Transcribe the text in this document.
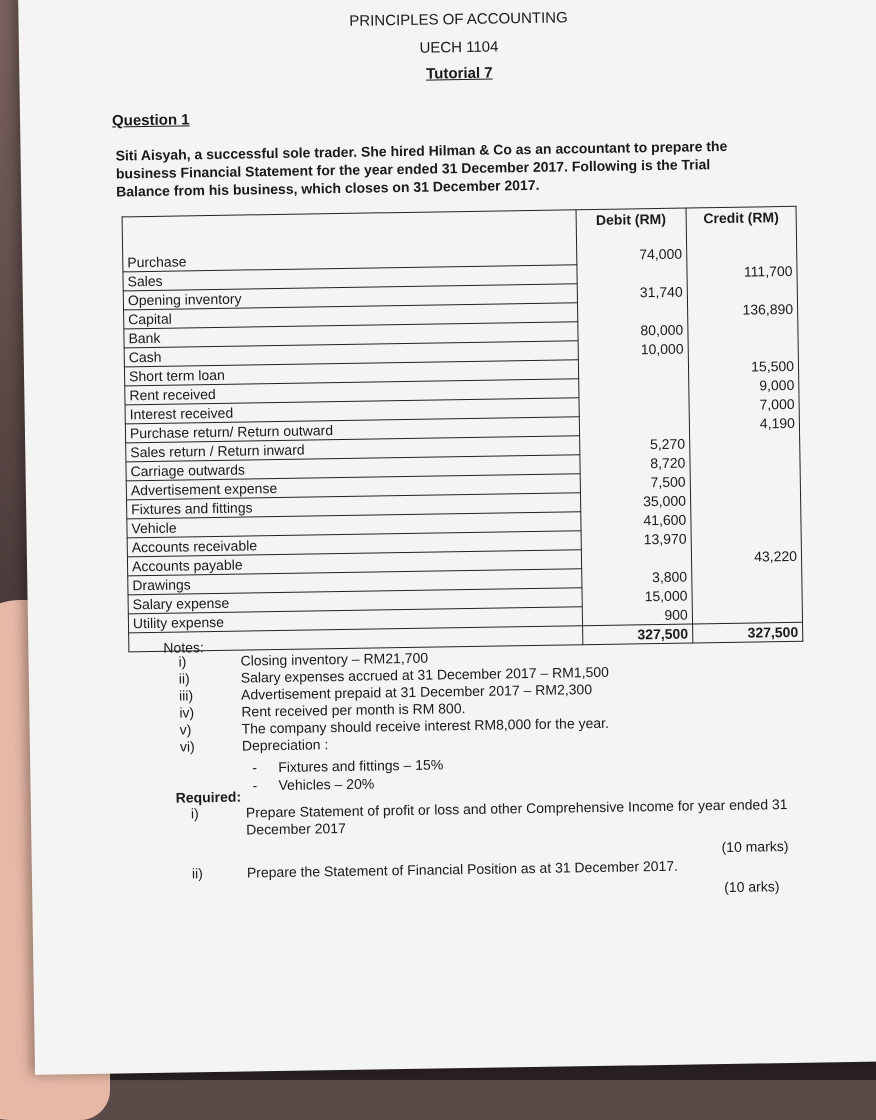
PRINCIPLES OF ACCOUNTING
UECH 1104
Tutorial 7
Question 1
Siti Aisyah, a successful sole trader. She hired Hilman & Co as an accountant to prepare the business Financial Statement for the year ended 31 December 2017. Following is the Trial Balance from his business, which closes on 31 December 2017.
	Debit (RM)	Credit (RM)
Purchase	74,000	
Sales		111,700
Opening inventory	31,740	
Capital		136,890
Bank	80,000	
Cash	10,000	
Short term loan		15,500
Rent received		9,000
Interest received		7,000
Purchase return/ Return outward		4,190
Sales return / Return inward	5,270	
Carriage outwards	8,720	
Advertisement expense	7,500	
Fixtures and fittings	35,000	
Vehicle	41,600	
Accounts receivable	13,970	
Accounts payable		43,220
Drawings	3,800	
Salary expense	15,000	
Utility expense	900	
	327,500	327,500
Notes:
i)	Closing inventory – RM21,700
ii)	Salary expenses accrued at 31 December 2017 – RM1,500
iii)	Advertisement prepaid at 31 December 2017 – RM2,300
iv)	Rent received per month is RM 800.
v)	The company should receive interest RM8,000 for the year.
vi)	Depreciation :
- Fixtures and fittings – 15%
- Vehicles – 20%
Required:
i)	Prepare Statement of profit or loss and other Comprehensive Income for year ended 31 December 2017
(10 marks)
ii)	Prepare the Statement of Financial Position as at 31 December 2017.
(10 arks)
